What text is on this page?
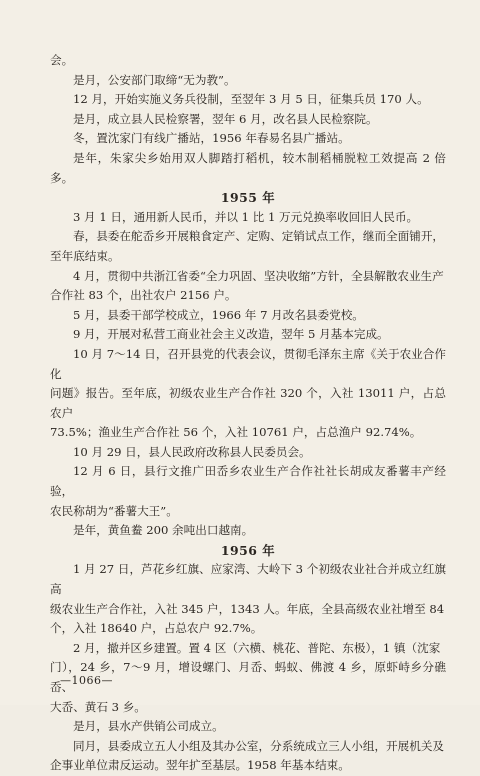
会。
是月，公安部门取缔“无为教”。
12 月，开始实施义务兵役制，至翌年 3 月 5 日，征集兵员 170 人。
是月，成立县人民检察署，翌年 6 月，改名县人民检察院。
冬，置沈家门有线广播站，1956 年春易名县广播站。
是年，朱家尖乡始用双人脚踏打稻机，较木制稻桶脱粒工效提高 2 倍多。
1955 年
3 月 1 日，通用新人民币，并以 1 比 1 万元兑换率收回旧人民币。
春，县委在舵岙乡开展粮食定产、定购、定销试点工作，继而全面铺开，
至年底结束。
4 月，贯彻中共浙江省委“全力巩固、坚决收缩”方针，全县解散农业生产
合作社 83 个，出社农户 2156 户。
5 月，县委干部学校成立，1966 年 7 月改名县委党校。
9 月，开展对私营工商业社会主义改造，翌年 5 月基本完成。
10 月 7～14 日，召开县党的代表会议，贯彻毛泽东主席《关于农业合作化
问题》报告。至年底，初级农业生产合作社 320 个，入社 13011 户，占总农户
73.5%；渔业生产合作社 56 个，入社 10761 户，占总渔户 92.74%。
10 月 29 日，县人民政府改称县人民委员会。
12 月 6 日，县行文推广田岙乡农业生产合作社社长胡成友番薯丰产经验，
农民称胡为“番薯大王”。
是年，黄鱼鲞 200 余吨出口越南。
1956 年
1 月 27 日，芦花乡红旗、应家湾、大岭下 3 个初级农业社合并成立红旗高
级农业生产合作社，入社 345 户，1343 人。年底，全县高级农业社增至 84
个，入社 18640 户，占总农户 92.7%。
2 月，撤并区乡建置。置 4 区（六横、桃花、普陀、东极），1 镇（沈家
门），24 乡，7～9 月，增设螺门、月岙、蚂蚁、佛渡 4 乡，原虾峙乡分礁岙、
大岙、黄石 3 乡。
是月，县水产供销公司成立。
同月，县委成立五人小组及其办公室，分系统成立三人小组，开展机关及
企事业单位肃反运动。翌年扩至基层。1958 年基本结束。
—1066—
